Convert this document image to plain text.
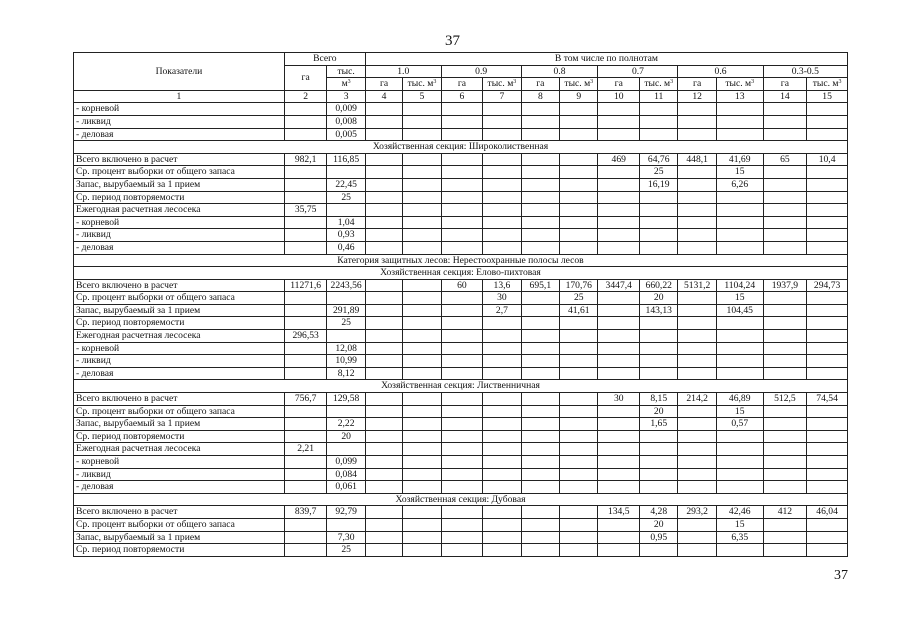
37
Показатели	Всего		В том числе по полнотам											
	га	тыс.	1.0		0.9		0.8		0.7		0.6		0.3-0.5	
		$м^3$	га	тыс. $м^3$	га	тыс. $м^3$	га	тыс. $м^3$	га	тыс. $м^3$	га	тыс. $м^3$	га	тыс. $м^3$
1	2	3	4	5	6	7	8	9	10	11	12	13	14	15
- корневой		0,009												
- ликвид		0,008												
- деловая		0,005												
Хозяйственная секция: Широколиственная														
Всего включено в расчет	982,1	116,85							469	64,76	448,1	41,69	65	10,4
Ср. процент выборки от общего запаса										25		15		
Запас, вырубаемый за 1 прием		22,45								16,19		6,26		
Ср. период повторяемости		25												
Ежегодная расчетная лесосека	35,75													
- корневой		1,04												
- ликвид		0,93												
- деловая		0,46												
Категория защитных лесов: Нерестоохранные полосы лесов														
Хозяйственная секция: Елово-пихтовая														
Всего включено в расчет	11271,6	2243,56			60	13,6	695,1	170,76	3447,4	660,22	5131,2	1104,24	1937,9	294,73
Ср. процент выборки от общего запаса						30		25		20		15		
Запас, вырубаемый за 1 прием		291,89				2,7		41,61		143,13		104,45		
Ср. период повторяемости		25												
Ежегодная расчетная лесосека	296,53													
- корневой		12,08												
- ликвид		10,99												
- деловая		8,12												
Хозяйственная секция: Лиственничная														
Всего включено в расчет	756,7	129,58							30	8,15	214,2	46,89	512,5	74,54
Ср. процент выборки от общего запаса										20		15		
Запас, вырубаемый за 1 прием		2,22								1,65		0,57		
Ср. период повторяемости		20												
Ежегодная расчетная лесосека	2,21													
- корневой		0,099												
- ликвид		0,084												
- деловая		0,061												
Хозяйственная секция: Дубовая														
Всего включено в расчет	839,7	92,79							134,5	4,28	293,2	42,46	412	46,04
Ср. процент выборки от общего запаса										20		15		
Запас, вырубаемый за 1 прием		7,30								0,95		6,35		
Ср. период повторяемости		25												
37
